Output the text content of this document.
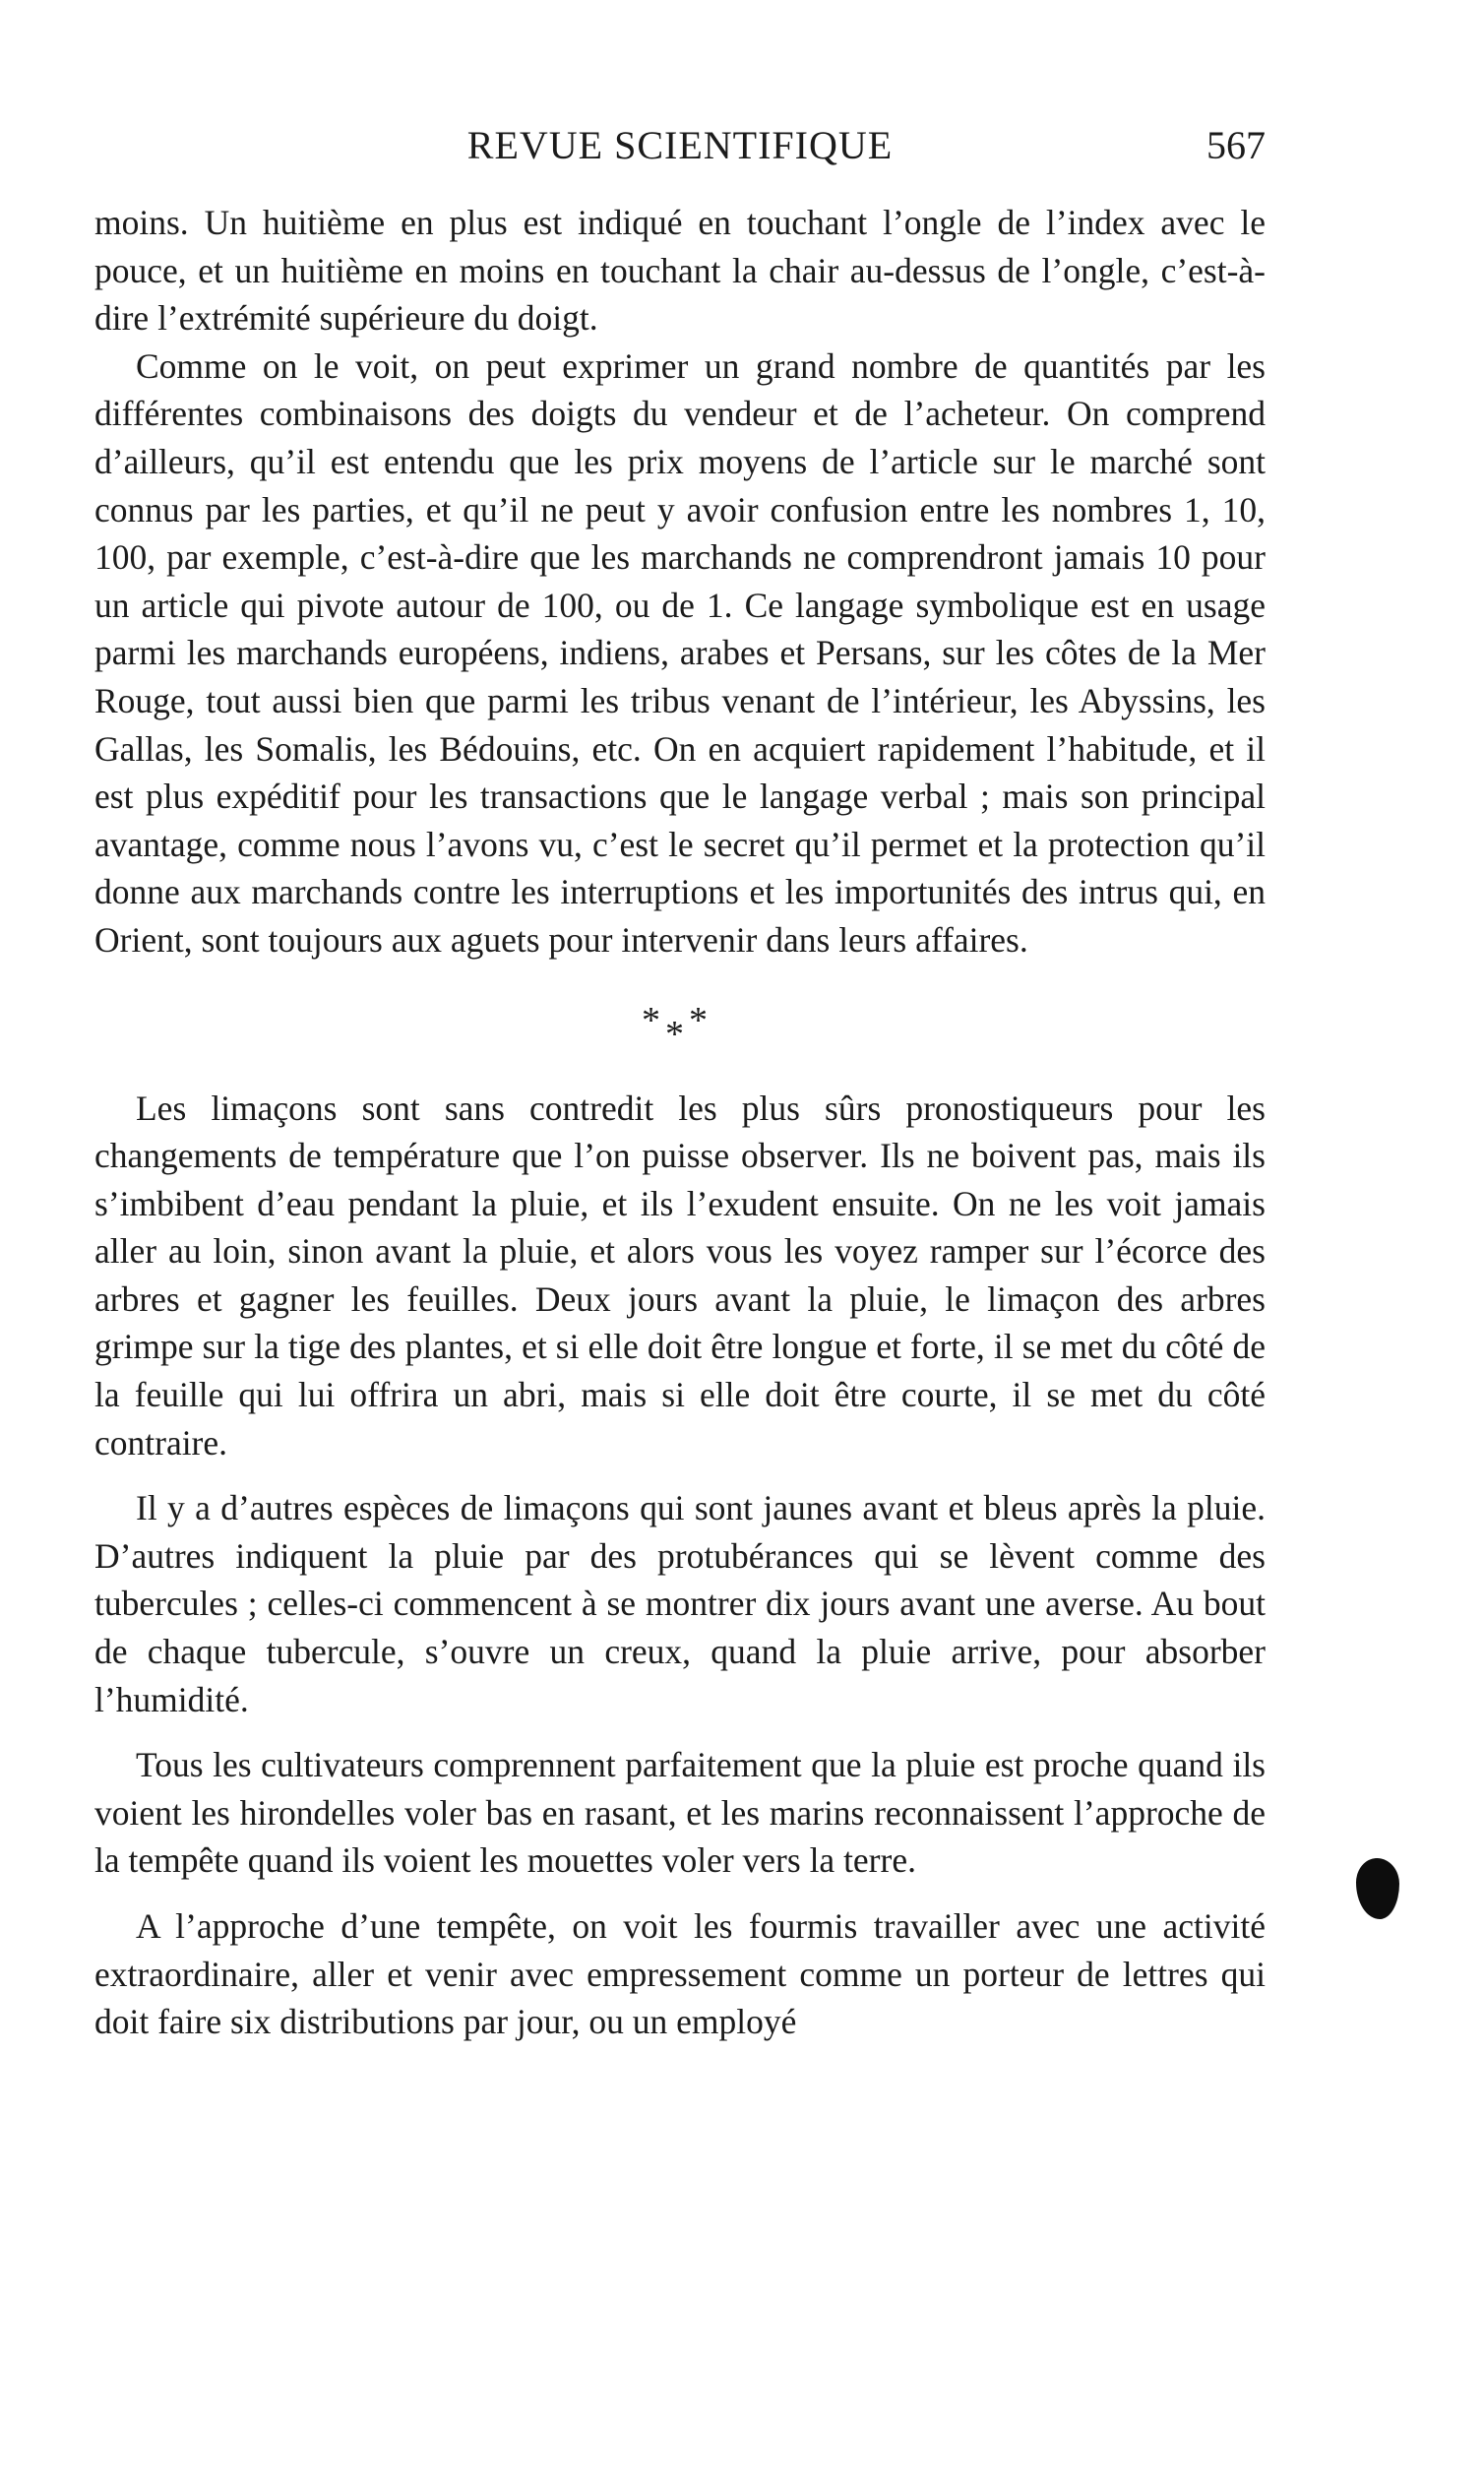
REVUE SCIENTIFIQUE	567

moins. Un huitième en plus est indiqué en touchant l’ongle de l’index avec le pouce, et un huitième en moins en touchant la chair au-dessus de l’ongle, c’est-à-dire l’extrémité supérieure du doigt.

Comme on le voit, on peut exprimer un grand nombre de quantités par les différentes combinaisons des doigts du vendeur et de l’acheteur. On comprend d’ailleurs, qu’il est entendu que les prix moyens de l’article sur le marché sont connus par les parties, et qu’il ne peut y avoir confusion entre les nombres 1, 10, 100, par exemple, c’est-à-dire que les marchands ne comprendront jamais 10 pour un article qui pivote autour de 100, ou de 1. Ce langage symbolique est en usage parmi les marchands européens, indiens, arabes et Persans, sur les côtes de la Mer Rouge, tout aussi bien que parmi les tribus venant de l’intérieur, les Abyssins, les Gallas, les Somalis, les Bédouins, etc. On en acquiert rapidement l’habitude, et il est plus expéditif pour les transactions que le langage verbal ; mais son principal avantage, comme nous l’avons vu, c’est le secret qu’il permet et la protection qu’il donne aux marchands contre les interruptions et les importunités des intrus qui, en Orient, sont toujours aux aguets pour intervenir dans leurs affaires.

* * *

Les limaçons sont sans contredit les plus sûrs pronostiqueurs pour les changements de température que l’on puisse observer. Ils ne boivent pas, mais ils s’imbibent d’eau pendant la pluie, et ils l’exudent ensuite. On ne les voit jamais aller au loin, sinon avant la pluie, et alors vous les voyez ramper sur l’écorce des arbres et gagner les feuilles. Deux jours avant la pluie, le limaçon des arbres grimpe sur la tige des plantes, et si elle doit être longue et forte, il se met du côté de la feuille qui lui offrira un abri, mais si elle doit être courte, il se met du côté contraire.

Il y a d’autres espèces de limaçons qui sont jaunes avant et bleus après la pluie. D’autres indiquent la pluie par des protubérances qui se lèvent comme des tubercules ; celles-ci commencent à se montrer dix jours avant une averse. Au bout de chaque tubercule, s’ouvre un creux, quand la pluie arrive, pour absorber l’humidité.

Tous les cultivateurs comprennent parfaitement que la pluie est proche quand ils voient les hirondelles voler bas en rasant, et les marins reconnaissent l’approche de la tempête quand ils voient les mouettes voler vers la terre.

A l’approche d’une tempête, on voit les fourmis travailler avec une activité extraordinaire, aller et venir avec empressement comme un porteur de lettres qui doit faire six distributions par jour, ou un employé
